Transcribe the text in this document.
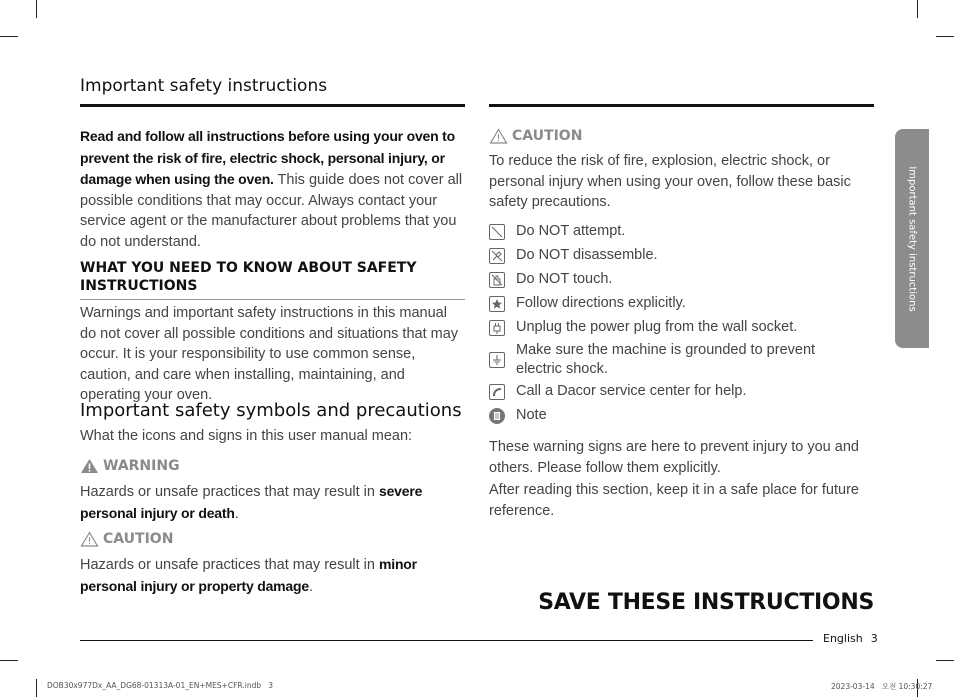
Important safety instructions
Read and follow all instructions before using your oven to prevent the risk of fire, electric shock, personal injury, or damage when using the oven. This guide does not cover all possible conditions that may occur. Always contact your service agent or the manufacturer about problems that you do not understand.
WHAT YOU NEED TO KNOW ABOUT SAFETY INSTRUCTIONS
Warnings and important safety instructions in this manual do not cover all possible conditions and situations that may occur. It is your responsibility to use common sense, caution, and care when installing, maintaining, and operating your oven.
Important safety symbols and precautions
What the icons and signs in this user manual mean:
WARNING
Hazards or unsafe practices that may result in severe personal injury or death.
CAUTION
Hazards or unsafe practices that may result in minor personal injury or property damage.
CAUTION
To reduce the risk of fire, explosion, electric shock, or personal injury when using your oven, follow these basic safety precautions.
Do NOT attempt.
Do NOT disassemble.
Do NOT touch.
Follow directions explicitly.
Unplug the power plug from the wall socket.
Make sure the machine is grounded to prevent electric shock.
Call a Dacor service center for help.
Note
These warning signs are here to prevent injury to you and others. Please follow them explicitly.
After reading this section, keep it in a safe place for future reference.
SAVE THESE INSTRUCTIONS
Important safety instructions
English 3
DOB30x977Dx_AA_DG68-01313A-01_EN+MES+CFR.indb   3	2023-03-14   오전 10:30:27
